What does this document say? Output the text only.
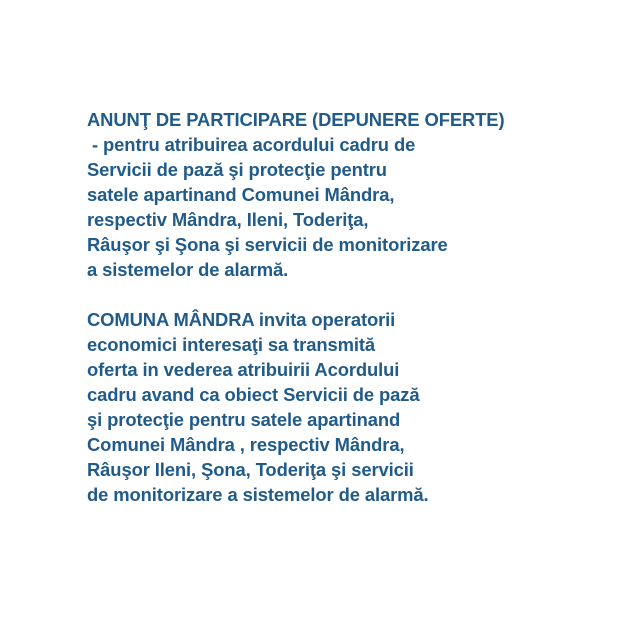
ANUNŢ DE PARTICIPARE (DEPUNERE OFERTE)
- pentru atribuirea acordului cadru de
Servicii de pază şi protecţie pentru
satele apartinand Comunei Mândra,
respectiv Mândra, Ileni, Toderiţa,
Râuşor şi Şona şi servicii de monitorizare
a sistemelor de alarmă.
COMUNA MÂNDRA invita operatorii
economici interesaţi sa transmită
oferta in vederea atribuirii Acordului
cadru avand ca obiect Servicii de pază
şi protecţie pentru satele apartinand
Comunei Mândra , respectiv Mândra,
Râuşor Ileni, Şona, Toderiţa şi servicii
de monitorizare a sistemelor de alarmă.
